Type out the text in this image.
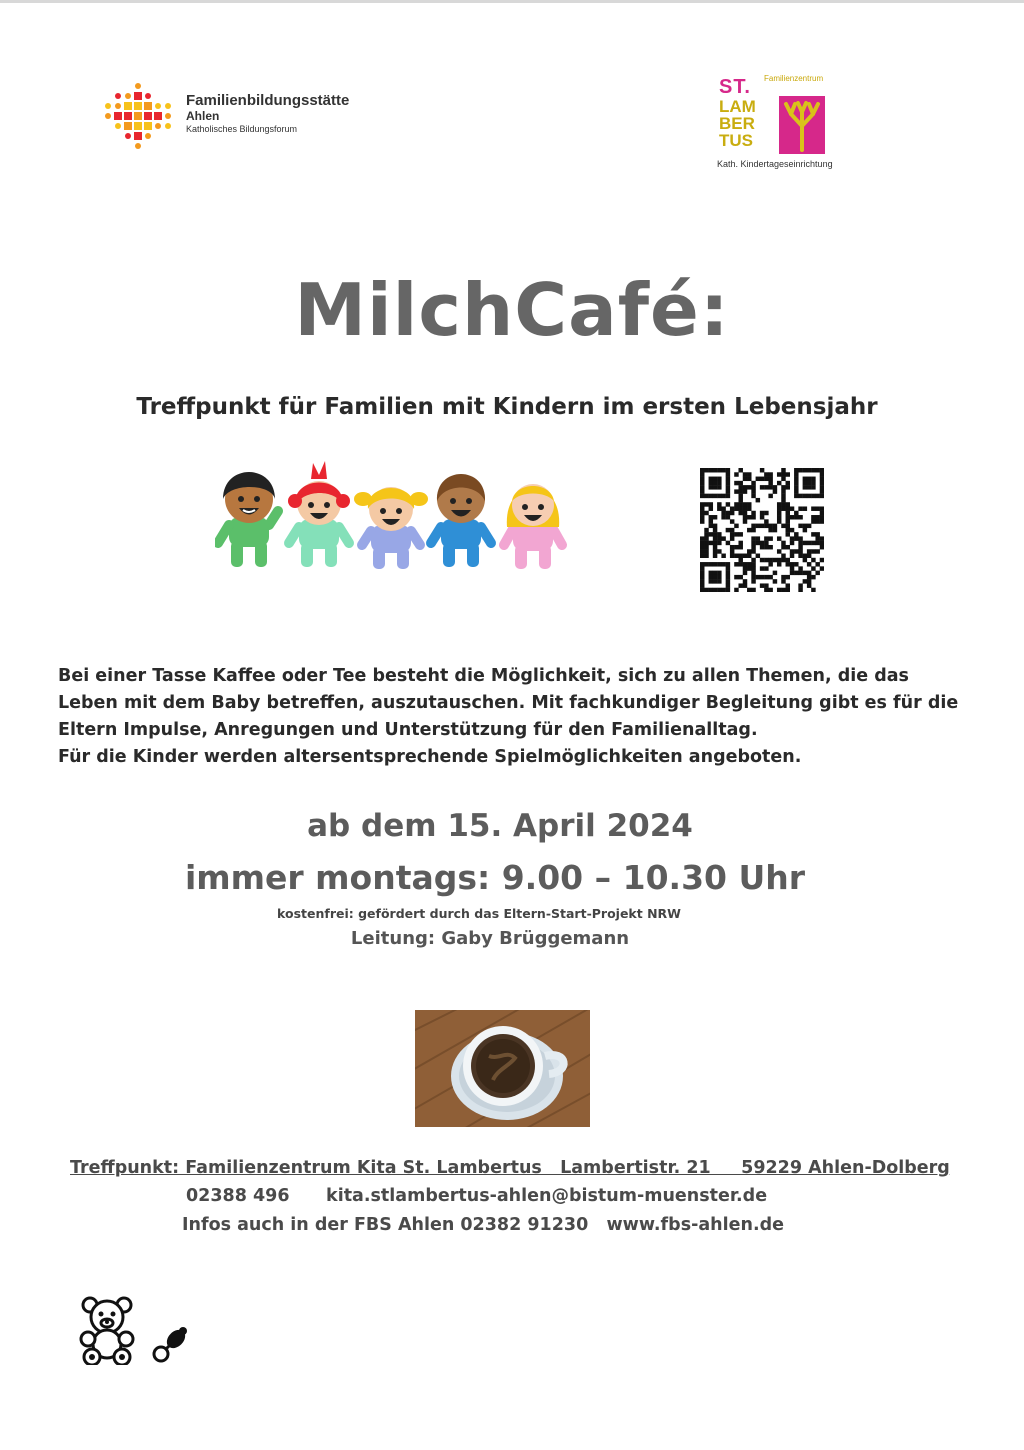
Familienbildungsstätte
Ahlen
Katholisches Bildungsforum
ST. Familienzentrum
LAM
BER
TUS
Kath. Kindertageseinrichtung
MilchCafé:
Treffpunkt für Familien mit Kindern im ersten Lebensjahr

Bei einer Tasse Kaffee oder Tee besteht die Möglichkeit, sich zu allen Themen, die das Leben mit dem Baby betreffen, auszutauschen. Mit fachkundiger Begleitung gibt es für die Eltern Impulse, Anregungen und Unterstützung für den Familienalltag.

Für die Kinder werden altersentsprechende Spielmöglichkeiten angeboten.

ab dem 15. April 2024
immer montags: 9.00 – 10.30 Uhr
kostenfrei: gefördert durch das Eltern-Start-Projekt NRW
Leitung: Gaby Brüggemann
Treffpunkt: Familienzentrum Kita St. Lambertus   Lambertistr. 21     59229 Ahlen-Dolberg
02388 496      kita.stlambertus-ahlen@bistum-muenster.de
Infos auch in der FBS Ahlen 02382 91230   www.fbs-ahlen.de
